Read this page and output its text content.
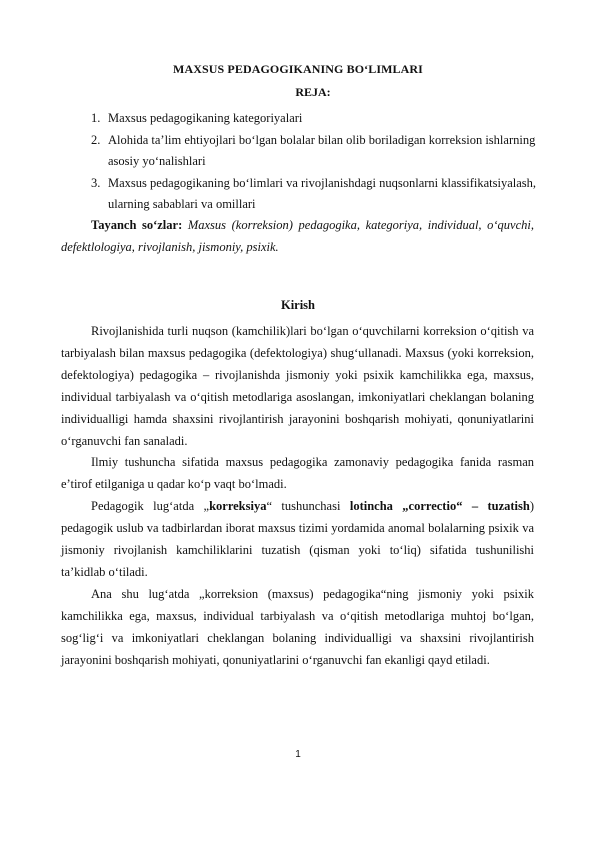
MAXSUS PEDAGOGIKANING BO‘LIMLARI
REJA:
1. Maxsus pedagogikaning kategoriyalari
2. Alohida ta’lim ehtiyojlari bo‘lgan bolalar bilan olib boriladigan korreksion ishlarning asosiy yo‘nalishlari
3. Maxsus pedagogikaning bo‘limlari va rivojlanishdagi nuqsonlarni klassifikatsiyalash, ularning sabablari va omillari
Tayanch so‘zlar: Maxsus (korreksion) pedagogika, kategoriya, individual, o‘quvchi, defektlologiya, rivojlanish, jismoniy, psixik.
Kirish

Rivojlanishida turli nuqson (kamchilik)lari bo‘lgan o‘quvchilarni korreksion o‘qitish va tarbiyalash bilan maxsus pedagogika (defektologiya) shug‘ullanadi. Maxsus (yoki korreksion, defektologiya) pedagogika – rivojlanishda jismoniy yoki psixik kamchilikka ega, maxsus, individual tarbiyalash va o‘qitish metodlariga asoslangan, imkoniyatlari cheklangan bolaning individualligi hamda shaxsini rivojlantirish jarayonini boshqarish mohiyati, qonuniyatlarini o‘rganuvchi fan sanaladi.

Ilmiy tushuncha sifatida maxsus pedagogika zamonaviy pedagogika fanida rasman e’tirof etilganiga u qadar ko‘p vaqt bo‘lmadi.

Pedagogik lug‘atda „korreksiya“ tushunchasi lotincha „correctio“ – tuzatish) pedagogik uslub va tadbirlardan iborat maxsus tizimi yordamida anomal bolalarning psixik va jismoniy rivojlanish kamchiliklarini tuzatish (qisman yoki to‘liq) sifatida tushunilishi ta’kidlab o‘tiladi.

Ana shu lug‘atda „korreksion (maxsus) pedagogika“ning jismoniy yoki psixik kamchilikka ega, maxsus, individual tarbiyalash va o‘qitish metodlariga muhtoj bo‘lgan, sog‘lig‘i va imkoniyatlari cheklangan bolaning individualligi va shaxsini rivojlantirish jarayonini boshqarish mohiyati, qonuniyatlarini o‘rganuvchi fan ekanligi qayd etiladi.

1
